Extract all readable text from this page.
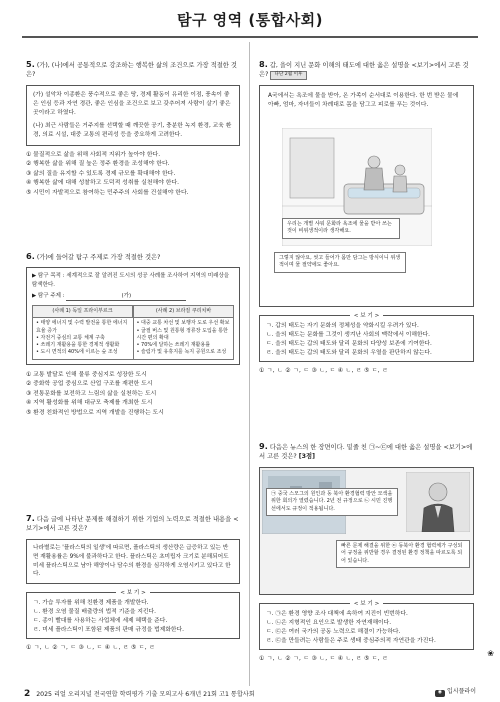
탐구 영역 (통합사회)
5. (가), (나)에서 공통적으로 강조하는 행복한 삶의 조건으로 가장 적절한 것은?
(가) 설악차 이종환은 풍수적으로 좋은 땅, 경제 활동이 유리한 이점, 풍속이 좋은 인심 등과 자연 경관, 좋은 인심을 조건으로 보고 갖추어져 사람이 살기 좋은 곳이라고 하였다.
(나) 최근 사람들은 거주지를 선택할 때 깨끗한 공기, 충분한 녹지 환경, 교육 환경, 의료 시설, 대중 교통의 편리성 등을 중요하게 고려한다.
① 물질적으로 삶을 위해 사회적 지위가 높아야 한다.
② 행복한 삶을 위해 질 높은 정주 환경을 조성해야 한다.
③ 삶의 질을 유지할 수 있도록 경제 규모를 확대해야 한다.
④ 행복한 삶에 대해 성찰하고 도덕적 성취를 실천해야 한다.
⑤ 시민이 자발적으로 참여하는 민주주의 사회를 건설해야 한다.
6. (가)에 들어갈 탐구 주제로 가장 적절한 것은?
▶ 탐구 목적 : 세계적으로 잘 알려진 도시의 성공 사례를 조사하여 지역의 미래상을 탐색한다.
▶ 탐구 주제 :	(가)
(사례 1) 독일 프라이부르크	(사례 2) 브라질 쿠리치바
• 태양 에너지 및 수력 발전을 통한 에너지 효율 증가
• 자전거 중심의 교통 체계 구축
• 쓰레기 재활용을 통한 경제적 생활화
• 도시 면적의 40%에 이르는 숲 조성
• 대중 교통 차선 및 보행자 도로 우선 확보
• 굴절 버스 및 원통형 정류장 도입을 통한 시간 편의 확대
• 70%에 달하는 쓰레기 재활용률
• 슬럼가 및 유휴지를 녹지 공원으로 조성
① 교통 발달로 인해 물류 중심지로 성장한 도시
② 중화학 공업 중심으로 산업 구조를 재편한 도시
③ 전통문화를 보전하고 느림의 삶을 실천하는 도시
④ 지역 활성화를 위해 대규모 축제를 개최한 도시
⑤ 환경 친화적인 방법으로 지역 개발을 진행하는 도시
7. 다음 글에 나타난 문제를 해결하기 위한 기업의 노력으로 적절한 내용을 <보기>에서 고른 것은?
나라별로는 '플라스틱의 일생'에 따르면, 플라스틱의 생산량은 급증하고 있는 반면 재활용률은 9%에 불과하다고 한다. 플라스틱은 초미립자 크기로 분해되어도 미세 플라스틱으로 남아 해양이나 담수의 환경을 심각하게 오염시키고 있다고 한다.
< 보 기 >
ㄱ. 가습 투자를 위해 친환경 제품을 개발한다.
ㄴ. 환경 오염 물질 배출량의 법적 기준을 지킨다.
ㄷ. 종이 빨대를 사용하는 사업체에 세제 혜택을 준다.
ㄹ. 미세 플라스틱이 포함된 제품의 판매 규정을 법제화한다.
① ㄱ, ㄴ ② ㄱ, ㄷ ③ ㄴ, ㄷ ④ ㄴ, ㄹ ⑤ ㄷ, ㄹ
8. 갑, 을이 지닌 문화 이해의 태도에 대한 옳은 설명을 <보기>에서 고른 것은? 다단 2월 이후
A국에서는 욕조에 물을 받아, 온 가족이 순서대로 이용한다. 한 번 받은 물에 아빠, 엄마, 자녀들이 차례대로 몸을 담그고 피로를 푸는 것이다.
우리는 개별 샤워 문화라 욕조에 물을 받아 쓰는 것이 비위생적이라 생각해요.
그렇지 않아요, 씻고 들어가 몸만 담그는 방식이니 위생적이며 물 절약에도 좋아요.
< 보 기 >
ㄱ. 갑의 태도는 자기 문화의 정체성을 약화시킬 우려가 있다.
ㄴ. 을의 태도는 문화를 그것이 생겨난 사회의 맥락에서 이해한다.
ㄷ. 을의 태도는 갑의 태도와 달리 문화의 다양성 보존에 기여한다.
ㄹ. 을의 태도는 갑의 태도와 달리 문화의 우열을 판단하지 않는다.
① ㄱ, ㄴ ② ㄱ, ㄷ ③ ㄴ, ㄷ ④ ㄴ, ㄹ ⑤ ㄷ, ㄹ
9. 다음은 뉴스의 한 장면이다. 밑줄 친 ㉠~㉢에 대한 옳은 설명을 <보기>에서 고른 것은? [3점]
㉠ 중국 스모그의 원인과 동 북아 환경협력 방안 모색을 위한 회의가 열렸습니다. 2년 전 규정으로 ㉡ 시민 진행 선에서도 규정이 적용됩니다.
빠른 문제 해결을 위한 ㉢ 동북아 환경 협력체가 구성되어 규정을 위반할 경우 결정된 환경 정책을 따르도록 되어 있습니다.
< 보 기 >
ㄱ. ㉠은 환경 영향 조사 대책에 속하여 지진이 빈번하다.
ㄴ. ㉡은 지형적인 요인으로 발생한 자연재해이다.
ㄷ. ㉢은 여러 국가의 공동 노력으로 해결이 가능하다.
ㄹ. ㉢을 만들려는 사람들은 주로 생태 중심주의적 자연관을 가진다.
① ㄱ, ㄴ ② ㄱ, ㄷ ③ ㄴ, ㄷ ④ ㄴ, ㄹ ⑤ ㄷ, ㄹ
❀
2 2025 리얼 오리지널 전국연합 학력평가 기출 모의고사 6개년 21회 고1 통합사회	◉ 입시플라이
